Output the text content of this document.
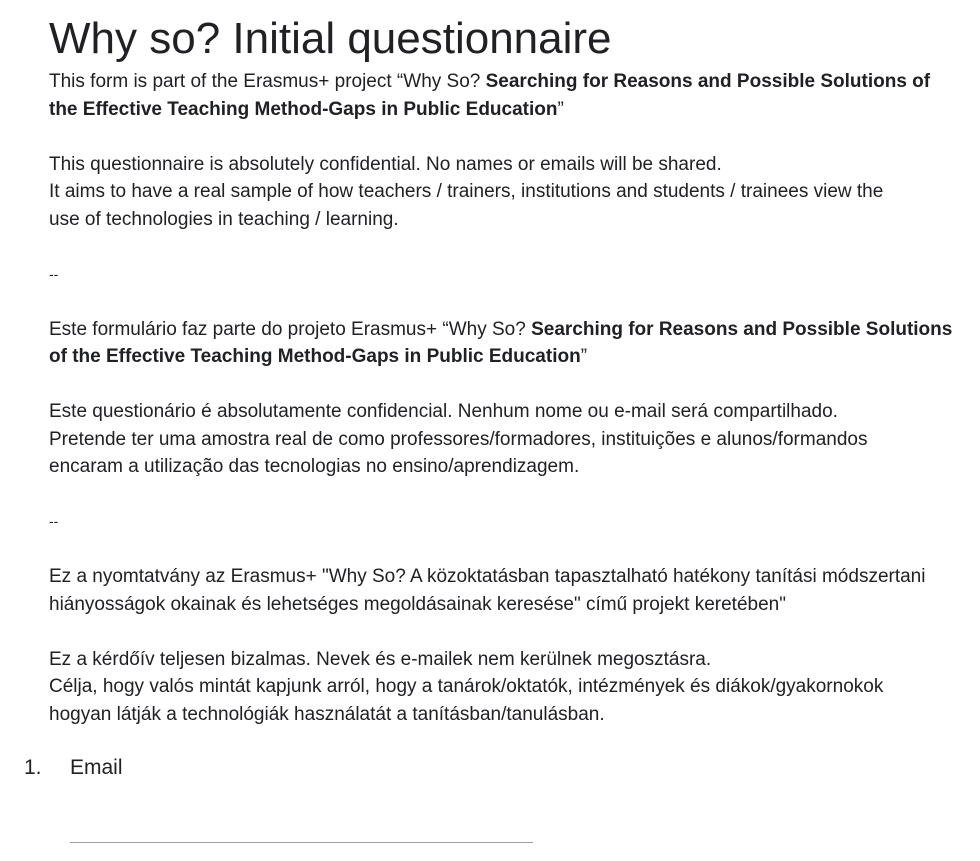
Why so? Initial questionnaire
This form is part of the Erasmus+ project “Why So? Searching for Reasons and Possible Solutions of
the Effective Teaching Method-Gaps in Public Education”
This questionnaire is absolutely confidential. No names or emails will be shared.
It aims to have a real sample of how teachers / trainers, institutions and students / trainees view the
use of technologies in teaching / learning.
--
Este formulário faz parte do projeto Erasmus+ “Why So? Searching for Reasons and Possible Solutions
of the Effective Teaching Method-Gaps in Public Education”
Este questionário é absolutamente confidencial. Nenhum nome ou e-mail será compartilhado.
Pretende ter uma amostra real de como professores/formadores, instituições e alunos/formandos
encaram a utilização das tecnologias no ensino/aprendizagem.
--
Ez a nyomtatvány az Erasmus+ "Why So? A közoktatásban tapasztalható hatékony tanítási módszertani
hiányosságok okainak és lehetséges megoldásainak keresése" című projekt keretében"
Ez a kérdőív teljesen bizalmas. Nevek és e-mailek nem kerülnek megosztásra.
Célja, hogy valós mintát kapjunk arról, hogy a tanárok/oktatók, intézmények és diákok/gyakornokok
hogyan látják a technológiák használatát a tanításban/tanulásban.
1.	Email
